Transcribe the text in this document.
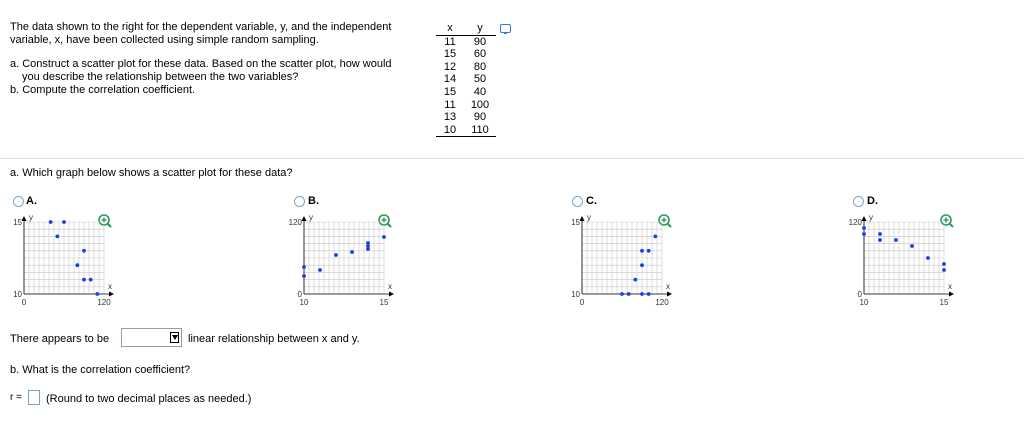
The data shown to the right for the dependent variable, y, and the independent

variable, x, have been collected using simple random sampling.

a. Construct a scatter plot for these data. Based on the scatter plot, how would

you describe the relationship between the two variables?

b. Compute the correlation coefficient.

x	y
11	90
15	60
12	80
14	50
15	40
11	100
13	90
10	110
a. Which graph below shows a scatter plot for these data?
A.	B.	C.	D.
0	120
10
15
x
y
10	15
0
120
x
y
0	120
10
15
x
y
10	15
0
120
x
y
There appears to be	linear relationship between x and y.
b. What is the correlation coefficient?
r = (Round to two decimal places as needed.)
